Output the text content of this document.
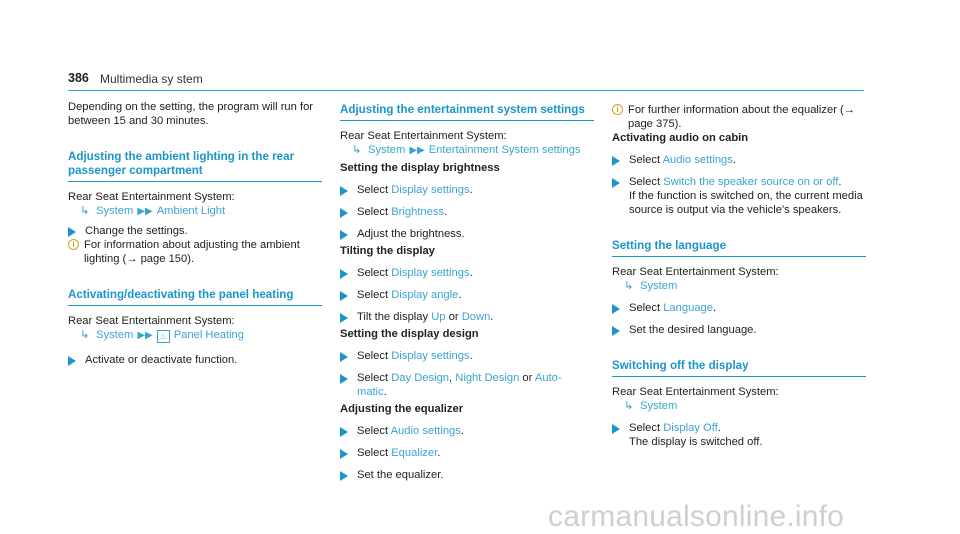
386 Multimedia sy stem

Depending on the setting, the program will run for between 15 and 30 minutes.

Adjusting the ambient lighting in the rear passenger compartment
Rear Seat Entertainment System:
↳ System ▶▶ Ambient Light
Change the settings.
i For information about adjusting the ambient lighting (→ page 150).
Activating/deactivating the panel heating
Rear Seat Entertainment System:
↳ System ▶▶ ♨ Panel Heating
Activate or deactivate function.
Adjusting the entertainment system settings
Rear Seat Entertainment System:
↳ System ▶▶ Entertainment System settings
Setting the display brightness
Select Display settings.
Select Brightness.
Adjust the brightness.
Tilting the display
Select Display settings.
Select Display angle.
Tilt the display Up or Down.
Setting the display design
Select Display settings.
Select Day Design, Night Design or Auto-
matic.
Adjusting the equalizer
Select Audio settings.
Select Equalizer.
Set the equalizer.
i For further information about the equalizer (→ page 375).
Activating audio on cabin
Select Audio settings.
Select Switch the speaker source on or off.
If the function is switched on, the current media source is output via the vehicle's speakers.
Setting the language
Rear Seat Entertainment System:
↳ System
Select Language.
Set the desired language.
Switching off the display
Rear Seat Entertainment System:
↳ System
Select Display Off.
The display is switched off.
carmanualsonline.info
